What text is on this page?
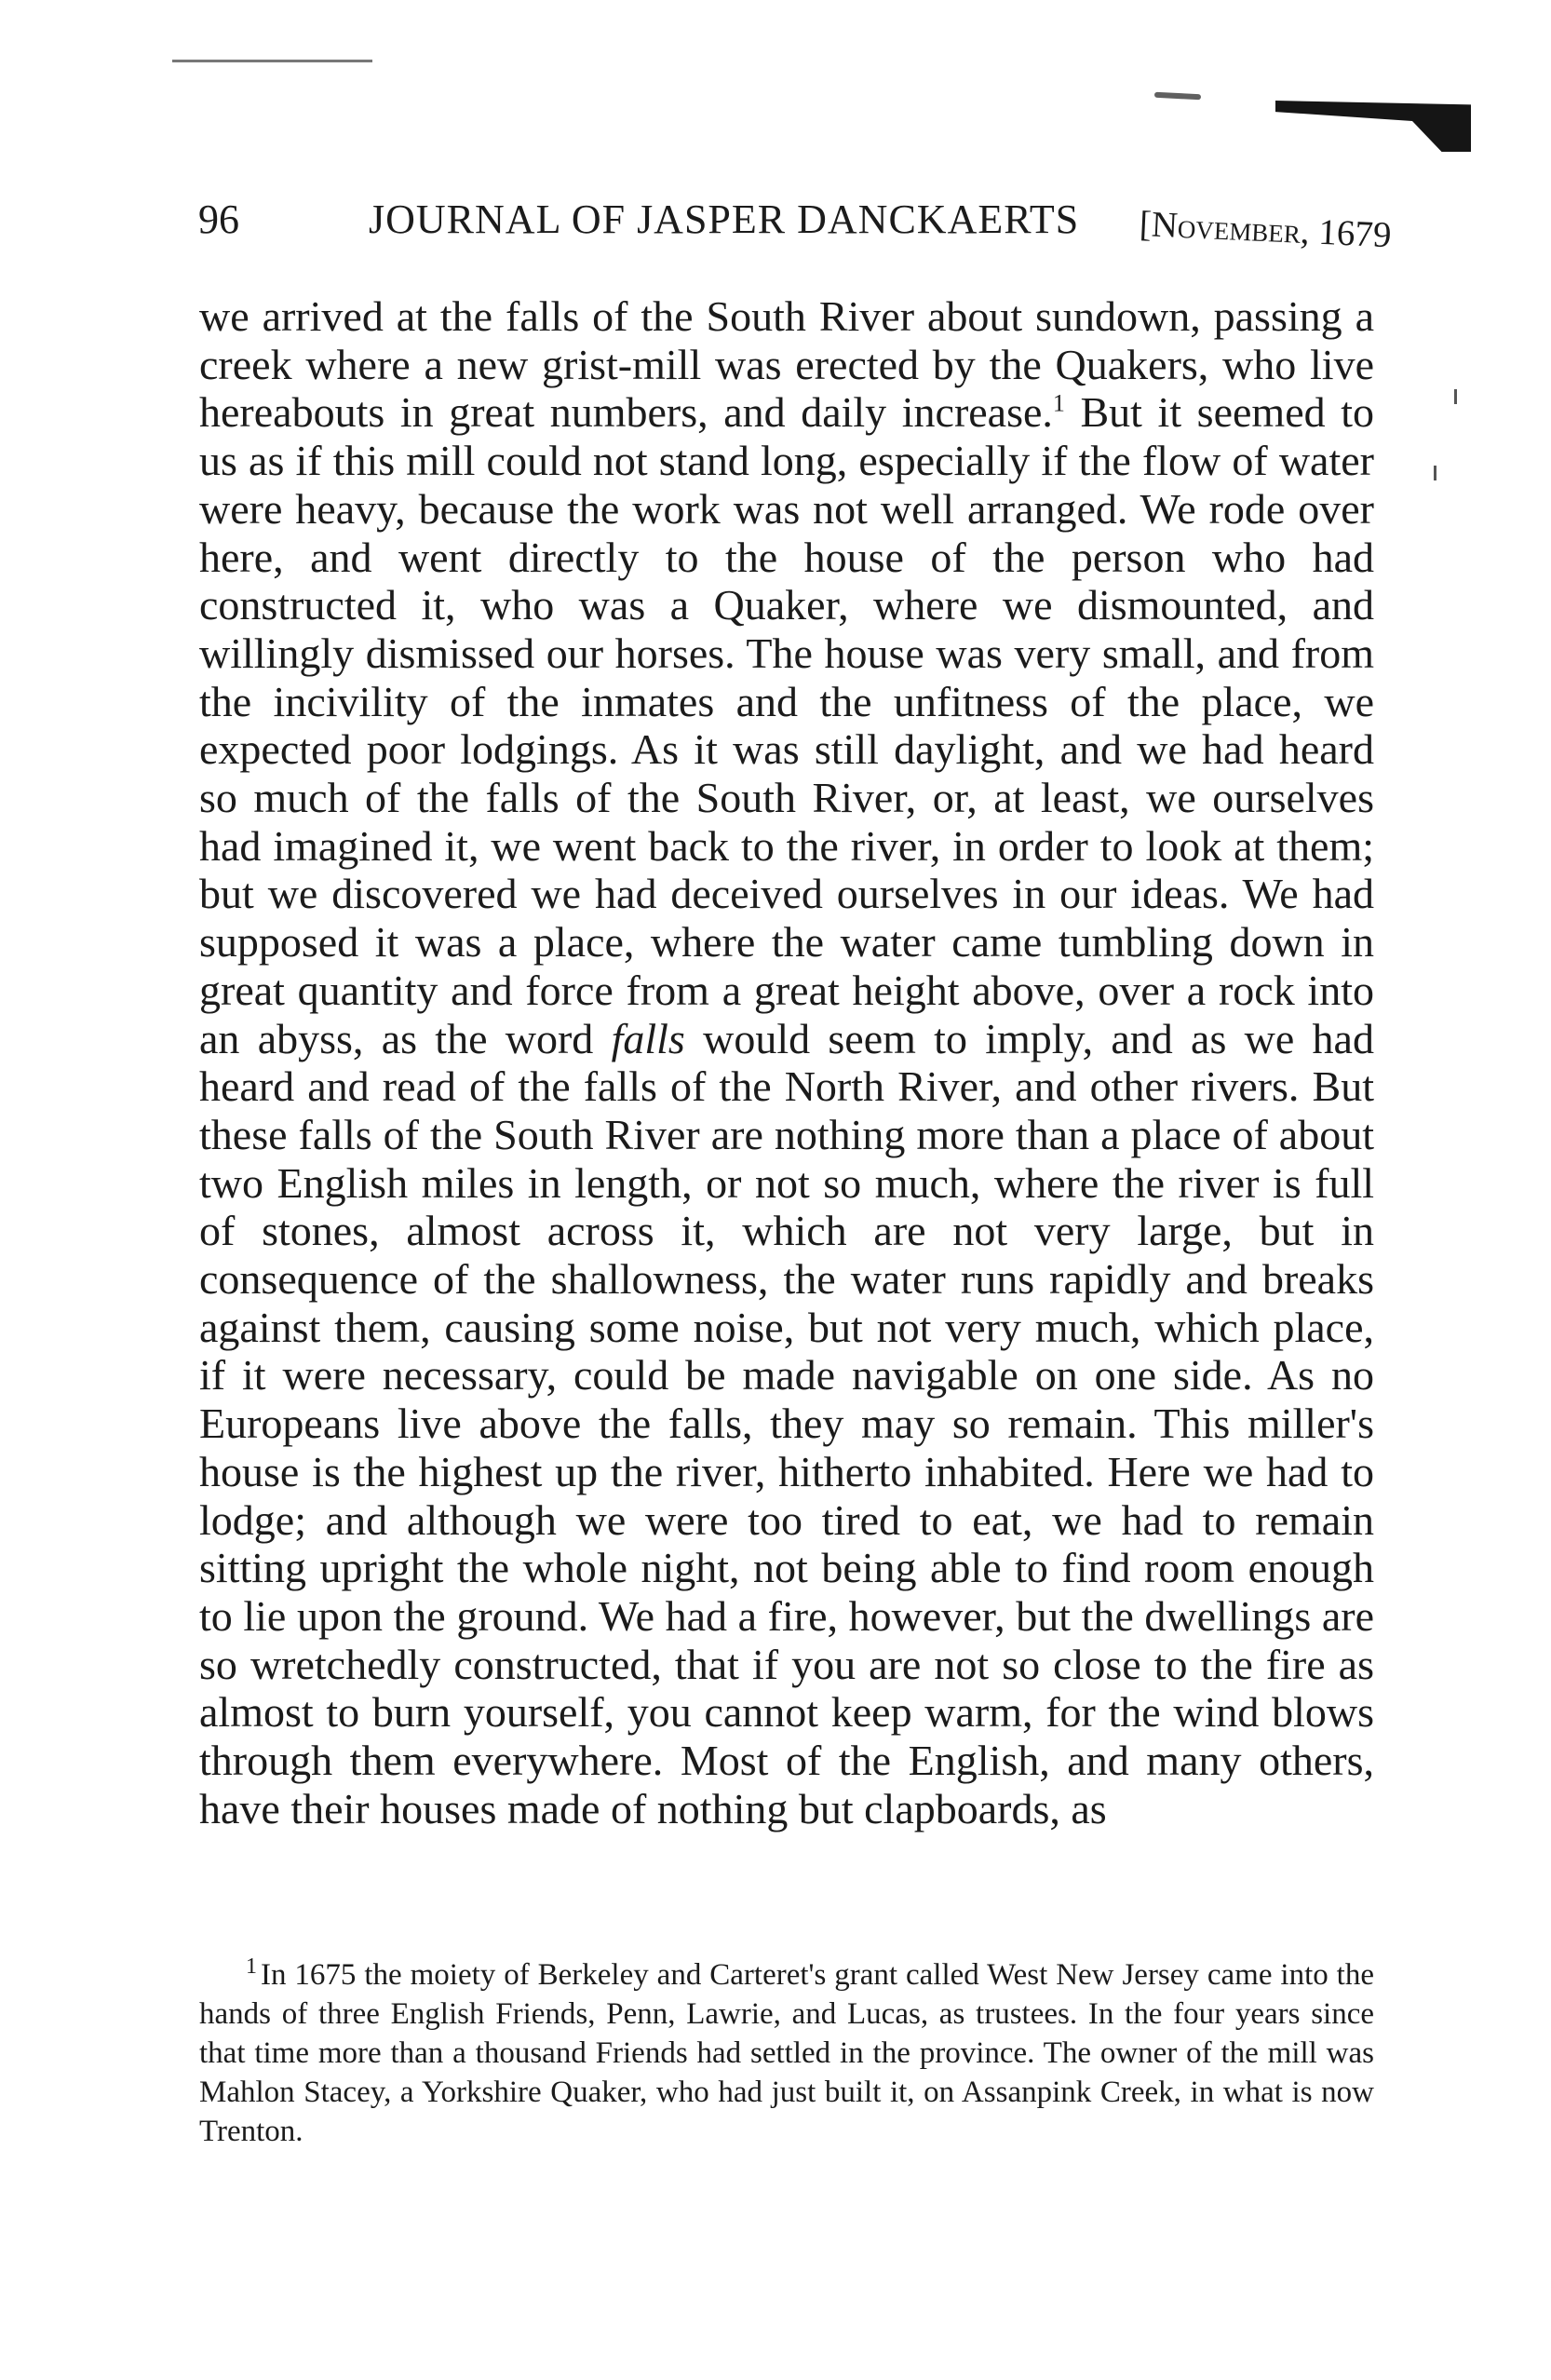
96	JOURNAL OF JASPER DANCKAERTS [November, 1679

we arrived at the falls of the South River about sundown, passing a creek where a new grist-mill was erected by the Quakers, who live hereabouts in great numbers, and daily increase.$^1$ But it seemed to us as if this mill could not stand long, especially if the flow of water were heavy, because the work was not well arranged. We rode over here, and went directly to the house of the person who had constructed it, who was a Quaker, where we dismounted, and willingly dismissed our horses. The house was very small, and from the incivility of the inmates and the unfitness of the place, we expected poor lodgings. As it was still daylight, and we had heard so much of the falls of the South River, or, at least, we ourselves had imagined it, we went back to the river, in order to look at them; but we discovered we had deceived ourselves in our ideas. We had supposed it was a place, where the water came tumbling down in great quantity and force from a great height above, over a rock into an abyss, as the word falls would seem to imply, and as we had heard and read of the falls of the North River, and other rivers. But these falls of the South River are nothing more than a place of about two English miles in length, or not so much, where the river is full of stones, almost across it, which are not very large, but in consequence of the shallowness, the water runs rapidly and breaks against them, causing some noise, but not very much, which place, if it were necessary, could be made navigable on one side. As no Europeans live above the falls, they may so remain. This miller's house is the highest up the river, hitherto inhabited. Here we had to lodge; and although we were too tired to eat, we had to remain sitting upright the whole night, not being able to find room enough to lie upon the ground. We had a fire, however, but the dwellings are so wretchedly constructed, that if you are not so close to the fire as almost to burn yourself, you cannot keep warm, for the wind blows through them everywhere. Most of the English, and many others, have their houses made of nothing but clapboards, as

$^1$ In 1675 the moiety of Berkeley and Carteret's grant called West New Jersey came into the hands of three English Friends, Penn, Lawrie, and Lucas, as trustees. In the four years since that time more than a thousand Friends had settled in the province. The owner of the mill was Mahlon Stacey, a Yorkshire Quaker, who had just built it, on Assanpink Creek, in what is now Trenton.
